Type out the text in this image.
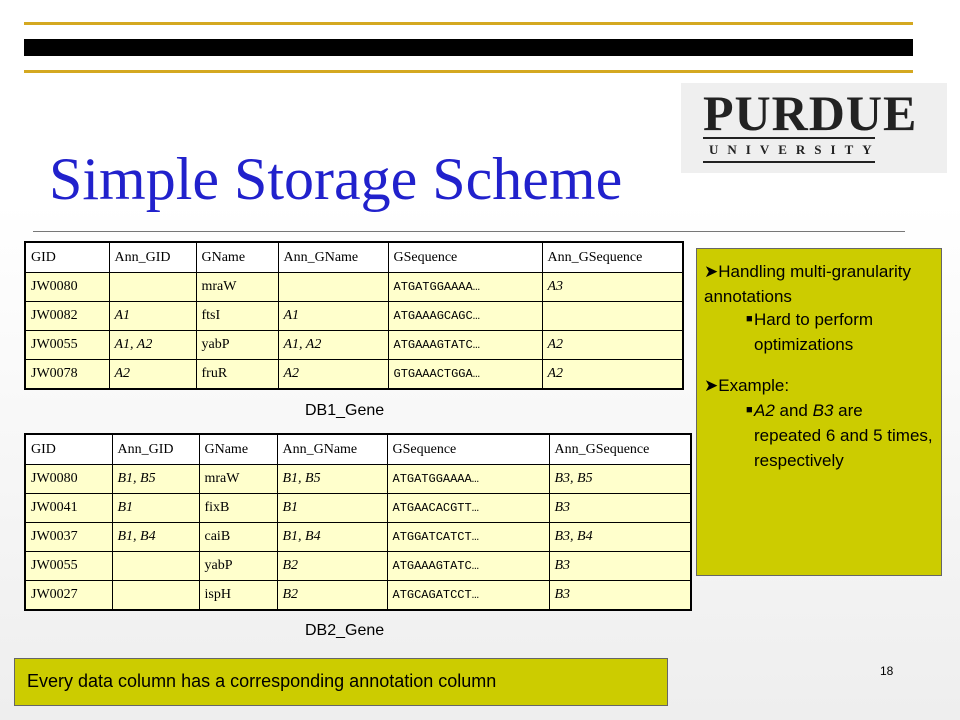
PURDUE
UNIVERSITY
Simple Storage Scheme
GID	Ann_GID	GName	Ann_GName	GSequence	Ann_GSequence
JW0080		mraW		ATGATGGAAAA…	A3
JW0082	A1	ftsI	A1	ATGAAAGCAGC…	
JW0055	A1, A2	yabP	A1, A2	ATGAAAGTATC…	A2
JW0078	A2	fruR	A2	GTGAAACTGGA…	A2
DB1_Gene
GID	Ann_GID	GName	Ann_GName	GSequence	Ann_GSequence
JW0080	B1, B5	mraW	B1, B5	ATGATGGAAAA…	B3, B5
JW0041	B1	fixB	B1	ATGAACACGTT…	B3
JW0037	B1, B4	caiB	B1, B4	ATGGATCATCT…	B3, B4
JW0055		yabP	B2	ATGAAAGTATC…	B3
JW0027		ispH	B2	ATGCAGATCCT…	B3
DB2_Gene
➤Handling multi-granularity annotations
■ Hard to perform optimizations
➤Example:
■ A2 and B3 are repeated 6 and 5 times, respectively
Every data column has a corresponding annotation column	18
